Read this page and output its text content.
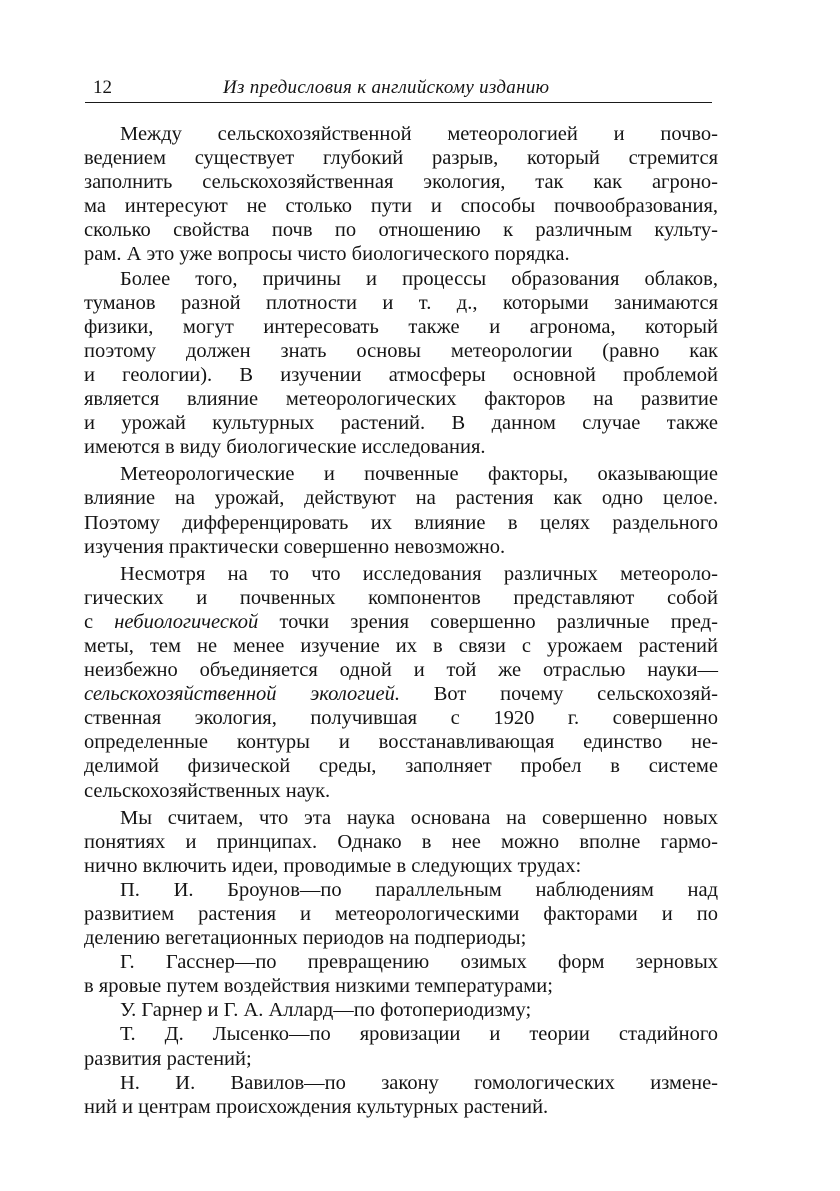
12	Из предисловия к английскому изданию
Между сельскохозяйственной метеорологией и почво-
ведением существует глубокий разрыв, который стремится
заполнить сельскохозяйственная экология, так как агроно-
ма интересуют не столько пути и способы почвообразования,
сколько свойства почв по отношению к различным культу-
рам. А это уже вопросы чисто биологического порядка.
Более того, причины и процессы образования облаков,
туманов разной плотности и т. д., которыми занимаются
физики, могут интересовать также и агронома, который
поэтому должен знать основы метеорологии (равно как
и геологии). В изучении атмосферы основной проблемой
является влияние метеорологических факторов на развитие
и урожай культурных растений. В данном случае также
имеются в виду биологические исследования.
Метеорологические и почвенные факторы, оказывающие
влияние на урожай, действуют на растения как одно целое.
Поэтому дифференцировать их влияние в целях раздельного
изучения практически совершенно невозможно.
Несмотря на то что исследования различных метеороло-
гических и почвенных компонентов представляют собой
с небиологической точки зрения совершенно различные пред-
меты, тем не менее изучение их в связи с урожаем растений
неизбежно объединяется одной и той же отраслью науки—
сельскохозяйственной экологией. Вот почему сельскохозяй-
ственная экология, получившая с 1920 г. совершенно
определенные контуры и восстанавливающая единство не-
делимой физической среды, заполняет пробел в системе
сельскохозяйственных наук.
Мы считаем, что эта наука основана на совершенно новых
понятиях и принципах. Однако в нее можно вполне гармо-
нично включить идеи, проводимые в следующих трудах:
П. И. Броунов—по параллельным наблюдениям над
развитием растения и метеорологическими факторами и по
делению вегетационных периодов на подпериоды;
Г. Гасснер—по превращению озимых форм зерновых
в яровые путем воздействия низкими температурами;
У. Гарнер и Г. А. Аллард—по фотопериодизму;
Т. Д. Лысенко—по яровизации и теории стадийного
развития растений;
Н. И. Вавилов—по закону гомологических измене-
ний и центрам происхождения культурных растений.
